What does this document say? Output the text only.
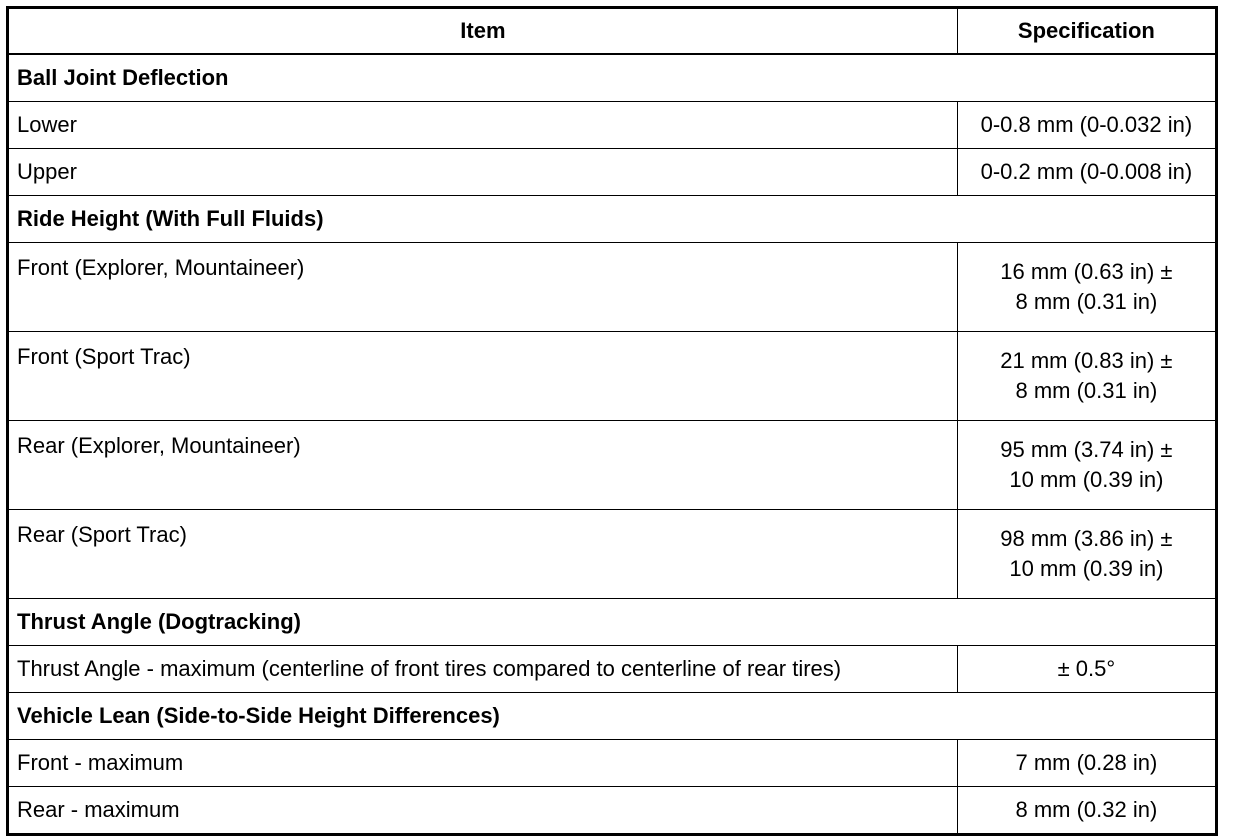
Item	Specification
Ball Joint Deflection	
Lower	0-0.8 mm (0-0.032 in)

Upper	0-0.2 mm (0-0.008 in)

Ride Height (With Full Fluids)	
Front (Explorer, Mountaineer)	16 mm (0.63 in) ±
8 mm (0.31 in)

Front (Sport Trac)	21 mm (0.83 in) ±
8 mm (0.31 in)

Rear (Explorer, Mountaineer)	95 mm (3.74 in) ±
10 mm (0.39 in)

Rear (Sport Trac)	98 mm (3.86 in) ±
10 mm (0.39 in)

Thrust Angle (Dogtracking)	
Thrust Angle - maximum (centerline of front tires compared to centerline of rear tires)	± 0.5°

Vehicle Lean (Side-to-Side Height Differences)	
Front - maximum	7 mm (0.28 in)

Rear - maximum	8 mm (0.32 in)
